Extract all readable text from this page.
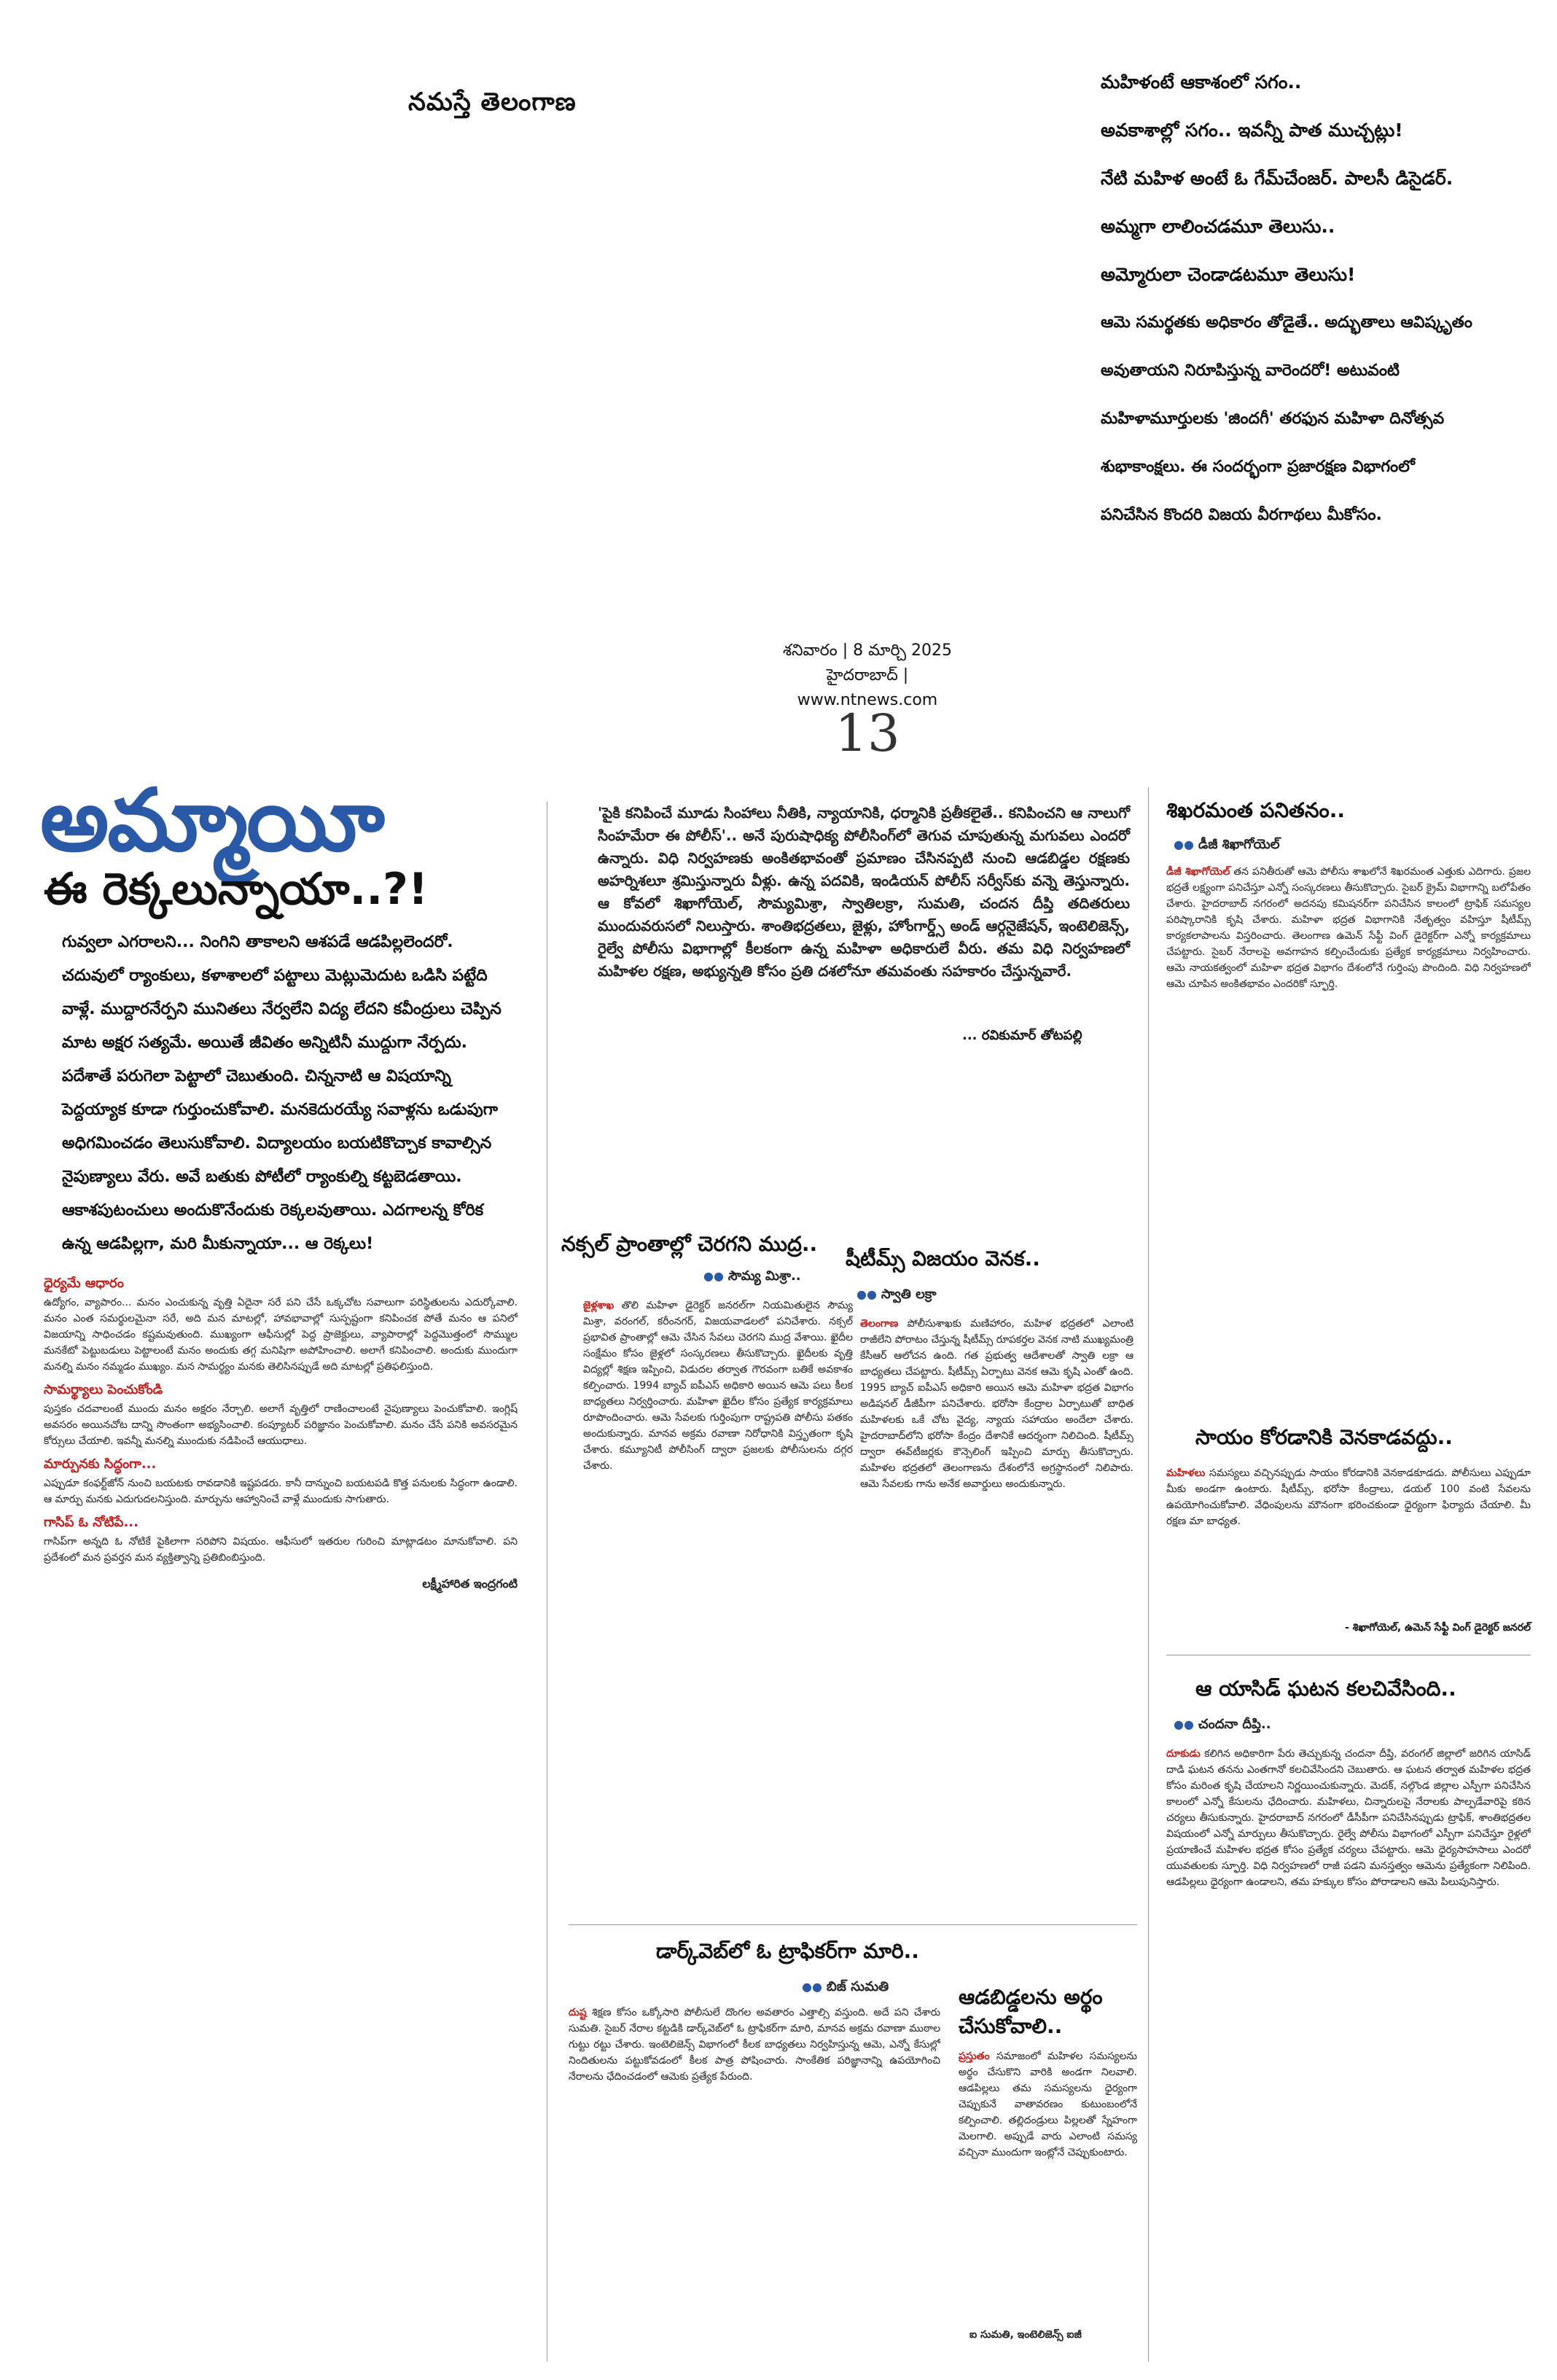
నమస్తే తెలంగాణ
మహిళంటే ఆకాశంలో సగం..
అవకాశాల్లో సగం.. ఇవన్నీ పాత ముచ్చట్లు!
నేటి మహిళ అంటే ఓ గేమ్‌చేంజర్. పాలసీ డిసైడర్.
అమ్మగా లాలించడమూ తెలుసు..
అమ్మోరులా చెండాడటమూ తెలుసు!
ఆమె సమర్థతకు అధికారం తోడైతే.. అద్భుతాలు ఆవిష్కృతం
అవుతాయని నిరూపిస్తున్న వారెందరో! అటువంటి
మహిళామూర్తులకు 'జిందగీ' తరఫున మహిళా దినోత్సవ
శుభాకాంక్షలు. ఈ సందర్భంగా ప్రజారక్షణ విభాగంలో
పనిచేసిన కొందరి విజయ వీరగాథలు మీకోసం.
శనివారం | 8 మార్చి 2025
హైదరాబాద్ | www.ntnews.com
13
అమ్మాయీ
ఈ రెక్కలున్నాయా..?!
గువ్వలా ఎగరాలని... నింగిని తాకాలని ఆశపడే ఆడపిల్లలెందరో. చదువులో ర్యాంకులు, కళాశాలలో పట్టాలు మెట్లుమెదుట ఒడిసి పట్టేది వాళ్లే. ముద్దారనేర్పని మునితలు నేర్వలేని విద్య లేదని కవీంద్రులు చెప్పిన మాట అక్షర సత్యమే. అయితే జీవితం అన్నిటినీ ముద్దుగా నేర్పదు. పదేశాతే పరుగెలా పెట్టాలో చెబుతుంది. చిన్ననాటి ఆ విషయాన్ని పెద్దయ్యాక కూడా గుర్తుంచుకోవాలి. మనకెదురయ్యే సవాళ్లను ఒడుపుగా అధిగమించడం తెలుసుకోవాలి. విద్యాలయం బయటికొచ్చాక కావాల్సిన నైపుణ్యాలు వేరు. అవే బతుకు పోటీలో ర్యాంకుల్ని కట్టబెడతాయి. ఆకాశపుటంచులు అందుకొనేందుకు రెక్కలవుతాయి. ఎదగాలన్న కోరిక ఉన్న ఆడపిల్లగా, మరి మీకున్నాయా... ఆ రెక్కలు!
ధైర్యమే ఆధారం
ఉద్యోగం, వ్యాపారం... మనం ఎంచుకున్న వృత్తి ఏదైనా సరే పని చేసే ఒక్కచోట సవాలుగా పరిస్థితులను ఎదుర్కోవాలి. మనం ఎంత సమర్థులమైనా సరే, అది మన మాటల్లో, హావభావాల్లో సుస్పష్టంగా కనిపించక పోతే మనం ఆ పనిలో విజయాన్ని సాధించడం కష్టమవుతుంది. ముఖ్యంగా ఆఫీసుల్లో పెద్ద ప్రాజెక్టులు, వ్యాపారాల్లో పెద్దమొత్తంలో సొమ్ముల మనకేటో పెట్టుబడులు పెట్టాలంటే మనం అందుకు తగ్గ మనిషిగా అపోహించాలి. అలాగే కనిపించాలి. అందుకు ముందుగా మనల్ని మనం నమ్మడం ముఖ్యం. మన సామర్థ్యం మనకు తెలిసినప్పుడే అది మాటల్లో ప్రతిఫలిస్తుంది.
సామర్థ్యాలు పెంచుకోండి
పుస్తకం చదవాలంటే ముందు మనం అక్షరం నేర్చాలి. అలాగే వృత్తిలో రాణించాలంటే నైపుణ్యాలు పెంచుకోవాలి. ఇంగ్లిష్ అవసరం అయినచోట దాన్ని సొంతంగా అభ్యసించాలి. కంప్యూటర్ పరిజ్ఞానం పెంచుకోవాలి. మనం చేసే పనికి అవసరమైన కోర్సులు చేయాలి. ఇవన్నీ మనల్ని ముందుకు నడిపించే ఆయుధాలు.
మార్పునకు సిద్ధంగా...
ఎప్పుడూ కంఫర్ట్‌జోన్ నుంచి బయటకు రావడానికి ఇష్టపడరు. కానీ దాన్నుంచి బయటపడి కొత్త పనులకు సిద్ధంగా ఉండాలి. ఆ మార్పు మనకు ఎదుగుదలనిస్తుంది. మార్పును ఆహ్వానించే వాళ్లే ముందుకు సాగుతారు.
గాసిప్ ఓ నోటిపే...
గాసిప్‌గా అన్నది ఓ నోటికే పైకిలాగా సరిపోని విషయం. ఆఫీసులో ఇతరుల గురించి మాట్లాడటం మానుకోవాలి. పని ప్రదేశంలో మన ప్రవర్తన మన వ్యక్తిత్వాన్ని ప్రతిబింబిస్తుంది.
లక్ష్మీహారిత ఇంద్రగంటి
'పైకి కనిపించే మూడు సింహాలు నీతికి, న్యాయానికి, ధర్మానికి ప్రతీకలైతే.. కనిపించని ఆ నాలుగో సింహమేరా ఈ పోలీస్'.. అనే పురుషాధిక్య పోలీసింగ్‌లో తెగువ చూపుతున్న మగువలు ఎందరో ఉన్నారు. విధి నిర్వహణకు అంకితభావంతో ప్రమాణం చేసినప్పటి నుంచి ఆడబిడ్డల రక్షణకు అహర్నిశలూ శ్రమిస్తున్నారు వీళ్లు. ఉన్న పదవికి, ఇండియన్ పోలీస్ సర్వీస్‌కు వన్నె తెస్తున్నారు. ఆ కోవలో శిఖాగోయెల్, సౌమ్యమిశ్రా, స్వాతిలక్రా, సుమతి, చందన దీప్తి తదితరులు ముందువరుసలో నిలుస్తారు. శాంతిభద్రతలు, జైళ్లు, హోంగార్డ్స్ అండ్ ఆర్గనైజేషన్, ఇంటెలిజెన్స్, రైల్వే పోలీసు విభాగాల్లో కీలకంగా ఉన్న మహిళా అధికారులే వీరు. తమ విధి నిర్వహణలో మహిళల రక్షణ, అభ్యున్నతి కోసం ప్రతి దశలోనూ తమవంతు సహకారం చేస్తున్నవారే.
... రవికుమార్ తోటపల్లి
నక్సల్ ప్రాంతాల్లో చెరగని ముద్ర..
●● సౌమ్య మిశ్రా..
జైళ్లశాఖ తొలి మహిళా డైరెక్టర్ జనరల్‌గా నియమితులైన సౌమ్య మిశ్రా, వరంగల్, కరీంనగర్, విజయవాడలలో పనిచేశారు. నక్సల్ ప్రభావిత ప్రాంతాల్లో ఆమె చేసిన సేవలు చెరగని ముద్ర వేశాయి. ఖైదీల సంక్షేమం కోసం జైళ్లలో సంస్కరణలు తీసుకొచ్చారు. ఖైదీలకు వృత్తి విద్యల్లో శిక్షణ ఇప్పించి, విడుదల తర్వాత గౌరవంగా బతికే అవకాశం కల్పించారు. 1994 బ్యాచ్ ఐపీఎస్ అధికారి అయిన ఆమె పలు కీలక బాధ్యతలు నిర్వర్తించారు. మహిళా ఖైదీల కోసం ప్రత్యేక కార్యక్రమాలు రూపొందించారు. ఆమె సేవలకు గుర్తింపుగా రాష్ట్రపతి పోలీసు పతకం అందుకున్నారు. మానవ అక్రమ రవాణా నిరోధానికి విస్తృతంగా కృషి చేశారు. కమ్యూనిటీ పోలీసింగ్ ద్వారా ప్రజలకు పోలీసులను దగ్గర చేశారు.
షీటీమ్స్ విజయం వెనక..
●● స్వాతి లక్రా
తెలంగాణ పోలీసుశాఖకు మణిహారం, మహిళ భద్రతలో ఎలాంటి రాజీలేని పోరాటం చేస్తున్న షీటీమ్స్ రూపకర్తల వెనక నాటి ముఖ్యమంత్రి కేసీఆర్ ఆలోచన ఉంది. గత ప్రభుత్వ ఆదేశాలతో స్వాతి లక్రా ఆ బాధ్యతలు చేపట్టారు. షీటీమ్స్ ఏర్పాటు వెనక ఆమె కృషి ఎంతో ఉంది. 1995 బ్యాచ్ ఐపీఎస్ అధికారి అయిన ఆమె మహిళా భద్రత విభాగం అడిషనల్ డీజీపీగా పనిచేశారు. భరోసా కేంద్రాల ఏర్పాటుతో బాధిత మహిళలకు ఒకే చోట వైద్య, న్యాయ సహాయం అందేలా చేశారు. హైదరాబాద్‌లోని భరోసా కేంద్రం దేశానికే ఆదర్శంగా నిలిచింది. షీటీమ్స్ ద్వారా ఈవ్‌టీజర్లకు కౌన్సెలింగ్ ఇప్పించి మార్పు తీసుకొచ్చారు. మహిళల భద్రతలో తెలంగాణను దేశంలోనే అగ్రస్థానంలో నిలిపారు. ఆమె సేవలకు గాను అనేక అవార్డులు అందుకున్నారు.
డార్క్‌వెబ్‌లో ఓ ట్రాఫికర్‌గా మారి..
●● బిజ్ సుమతి
దుష్ట శిక్షణ కోసం ఒక్కోసారి పోలీసులే దొంగల అవతారం ఎత్తాల్సి వస్తుంది. అదే పని చేశారు సుమతి. సైబర్ నేరాల కట్టడికి డార్క్‌వెబ్‌లో ఓ ట్రాఫికర్‌గా మారి, మానవ అక్రమ రవాణా ముఠాల గుట్టు రట్టు చేశారు. ఇంటెలిజెన్స్ విభాగంలో కీలక బాధ్యతలు నిర్వహిస్తున్న ఆమె, ఎన్నో కేసుల్లో నిందితులను పట్టుకోవడంలో కీలక పాత్ర పోషించారు. సాంకేతిక పరిజ్ఞానాన్ని ఉపయోగించి నేరాలను ఛేదించడంలో ఆమెకు ప్రత్యేక పేరుంది.
ఆడబిడ్డలను అర్థం చేసుకోవాలి..
ప్రస్తుతం సమాజంలో మహిళల సమస్యలను అర్థం చేసుకొని వారికి అండగా నిలవాలి. ఆడపిల్లలు తమ సమస్యలను ధైర్యంగా చెప్పుకునే వాతావరణం కుటుంబంలోనే కల్పించాలి. తల్లిదండ్రులు పిల్లలతో స్నేహంగా మెలగాలి. అప్పుడే వారు ఎలాంటి సమస్య వచ్చినా ముందుగా ఇంట్లోనే చెప్పుకుంటారు.
ఐ సుమతి, ఇంటెలిజెన్స్ ఐజీ
శిఖరమంత పనితనం..
●● డీజీ శిఖాగోయెల్
డీజీ శిఖాగోయెల్ తన పనితీరుతో ఆమె పోలీసు శాఖలోనే శిఖరమంత ఎత్తుకు ఎదిగారు. ప్రజల భద్రతే లక్ష్యంగా పనిచేస్తూ ఎన్నో సంస్కరణలు తీసుకొచ్చారు. సైబర్ క్రైమ్ విభాగాన్ని బలోపేతం చేశారు. హైదరాబాద్ నగరంలో అదనపు కమిషనర్‌గా పనిచేసిన కాలంలో ట్రాఫిక్ సమస్యల పరిష్కారానికి కృషి చేశారు. మహిళా భద్రత విభాగానికి నేతృత్వం వహిస్తూ షీటీమ్స్ కార్యకలాపాలను విస్తరించారు. తెలంగాణ ఉమెన్ సేఫ్టీ వింగ్ డైరెక్టర్‌గా ఎన్నో కార్యక్రమాలు చేపట్టారు. సైబర్ నేరాలపై అవగాహన కల్పించేందుకు ప్రత్యేక కార్యక్రమాలు నిర్వహించారు. ఆమె నాయకత్వంలో మహిళా భద్రత విభాగం దేశంలోనే గుర్తింపు పొందింది. విధి నిర్వహణలో ఆమె చూపిన అంకితభావం ఎందరికో స్ఫూర్తి.
సాయం కోరడానికి వెనకాడవద్దు..
మహిళలు సమస్యలు వచ్చినప్పుడు సాయం కోరడానికి వెనకాడకూడదు. పోలీసులు ఎప్పుడూ మీకు అండగా ఉంటారు. షీటీమ్స్, భరోసా కేంద్రాలు, డయల్ 100 వంటి సేవలను ఉపయోగించుకోవాలి. వేధింపులను మౌనంగా భరించకుండా ధైర్యంగా ఫిర్యాదు చేయాలి. మీ రక్షణ మా బాధ్యత.
- శిఖాగోయెల్, ఉమెన్ సేఫ్టీ వింగ్ డైరెక్టర్ జనరల్
ఆ యాసిడ్ ఘటన కలచివేసింది..
●● చందనా దీప్తి..
దూకుడు కలిగిన అధికారిగా పేరు తెచ్చుకున్న చందనా దీప్తి, వరంగల్ జిల్లాలో జరిగిన యాసిడ్ దాడి ఘటన తనను ఎంతగానో కలచివేసిందని చెబుతారు. ఆ ఘటన తర్వాత మహిళల భద్రత కోసం మరింత కృషి చేయాలని నిర్ణయించుకున్నారు. మెదక్, నల్గొండ జిల్లాల ఎస్పీగా పనిచేసిన కాలంలో ఎన్నో కేసులను ఛేదించారు. మహిళలు, చిన్నారులపై నేరాలకు పాల్పడేవారిపై కఠిన చర్యలు తీసుకున్నారు. హైదరాబాద్ నగరంలో డీసీపీగా పనిచేసినప్పుడు ట్రాఫిక్, శాంతిభద్రతల విషయంలో ఎన్నో మార్పులు తీసుకొచ్చారు. రైల్వే పోలీసు విభాగంలో ఎస్పీగా పనిచేస్తూ రైళ్లలో ప్రయాణించే మహిళల భద్రత కోసం ప్రత్యేక చర్యలు చేపట్టారు. ఆమె ధైర్యసాహసాలు ఎందరో యువతులకు స్ఫూర్తి. విధి నిర్వహణలో రాజీ పడని మనస్తత్వం ఆమెను ప్రత్యేకంగా నిలిపింది. ఆడపిల్లలు ధైర్యంగా ఉండాలని, తమ హక్కుల కోసం పోరాడాలని ఆమె పిలుపునిస్తారు.
